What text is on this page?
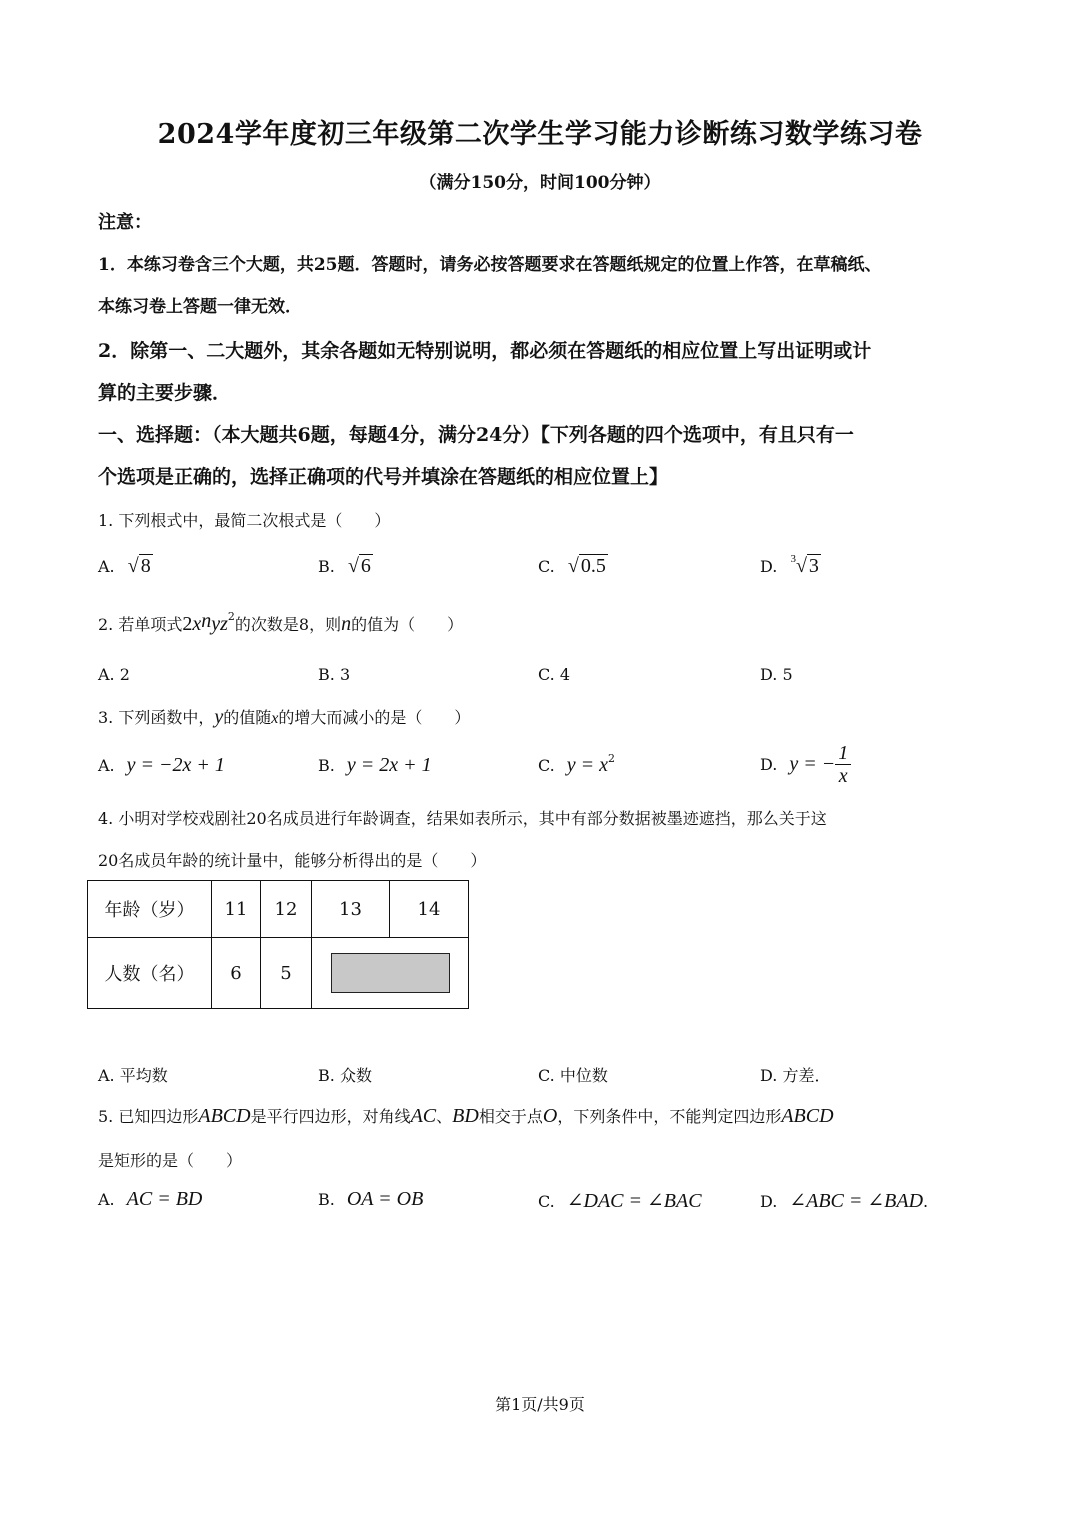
2024学年度初三年级第二次学生学习能力诊断练习数学练习卷
（满分150分，时间100分钟）
注意：
1．本练习卷含三个大题，共25题．答题时，请务必按答题要求在答题纸规定的位置上作答，在草稿纸、
本练习卷上答题一律无效．
2．除第一、二大题外，其余各题如无特别说明，都必须在答题纸的相应位置上写出证明或计
算的主要步骤．
一、选择题：（本大题共6题，每题4分，满分24分）【下列各题的四个选项中，有且只有一
个选项是正确的，选择正确项的代号并填涂在答题纸的相应位置上】
1. 下列根式中，最简二次根式是（　　）
A. √ 8	B. √ 6	C. √ 0.5	D. $^3$√ 3
2. 若单项式$2x^nyz^2$的次数是8，则n的值为（　　）
A. 2	B. 3	C. 4	D. 5
3. 下列函数中，y的值随x的增大而减小的是（　　）
A. y = −2x + 1	B. y = 2x + 1	C. $y = x^2$	D. y = − $\frac{1}{x}$
4. 小明对学校戏剧社20名成员进行年龄调查，结果如表所示，其中有部分数据被墨迹遮挡，那么关于这
20名成员年龄的统计量中，能够分析得出的是（　　）
年龄（岁）	11	12	13	14
人数（名）	6	5		
A. 平均数	B. 众数	C. 中位数	D. 方差．
5. 已知四边形ABCD是平行四边形，对角线AC、BD相交于点O，下列条件中，不能判定四边形ABCD
是矩形的是（　　）
A. AC = BD	B. OA = OB	C. ∠DAC = ∠BAC	D. ∠ABC = ∠BAD.
第1页/共9页
